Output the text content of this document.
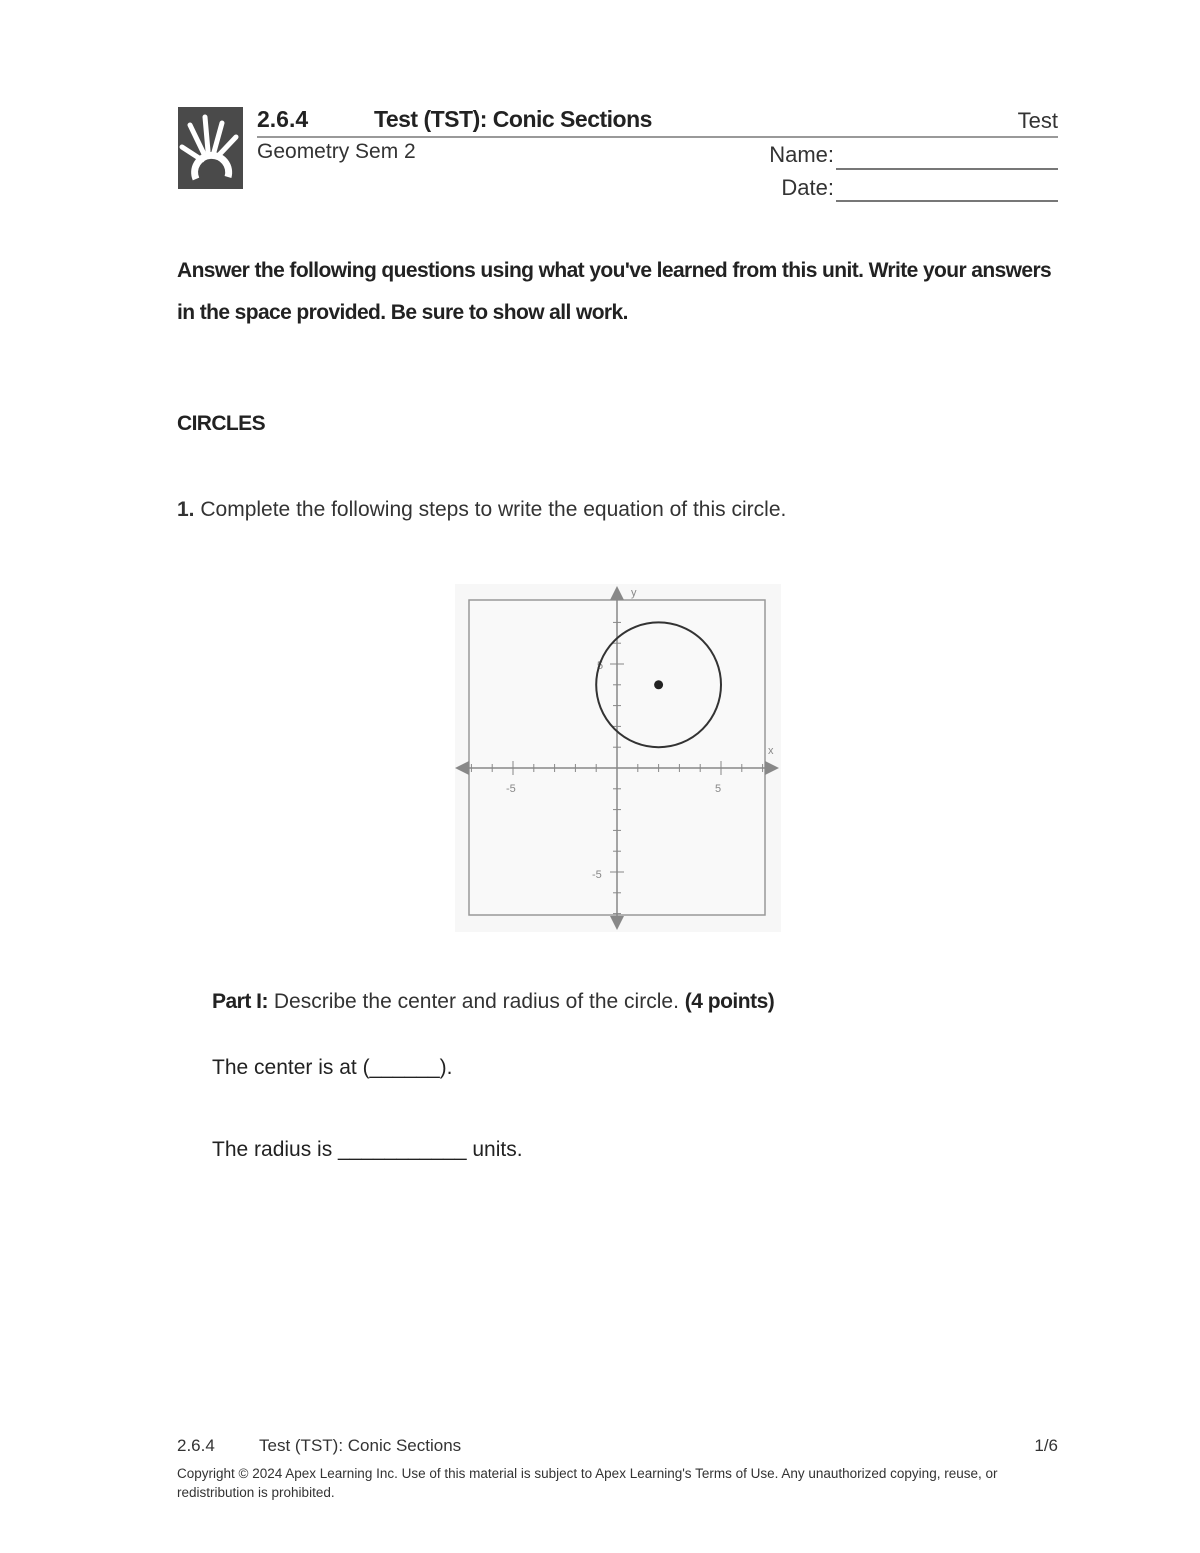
2.6.4	Test (TST): Conic Sections	Test
Geometry Sem 2	Name:
Date:
Answer the following questions using what you've learned from this unit. Write your answers in the space provided. Be sure to show all work.
CIRCLES
1. Complete the following steps to write the equation of this circle.
x
y
-5	5
5
-5
Part I: Describe the center and radius of the circle. (4 points)
The center is at (______).
The radius is ___________ units.
2.6.4	Test (TST): Conic Sections	1/6
Copyright © 2024 Apex Learning Inc. Use of this material is subject to Apex Learning's Terms of Use. Any unauthorized copying, reuse, or redistribution is prohibited.
